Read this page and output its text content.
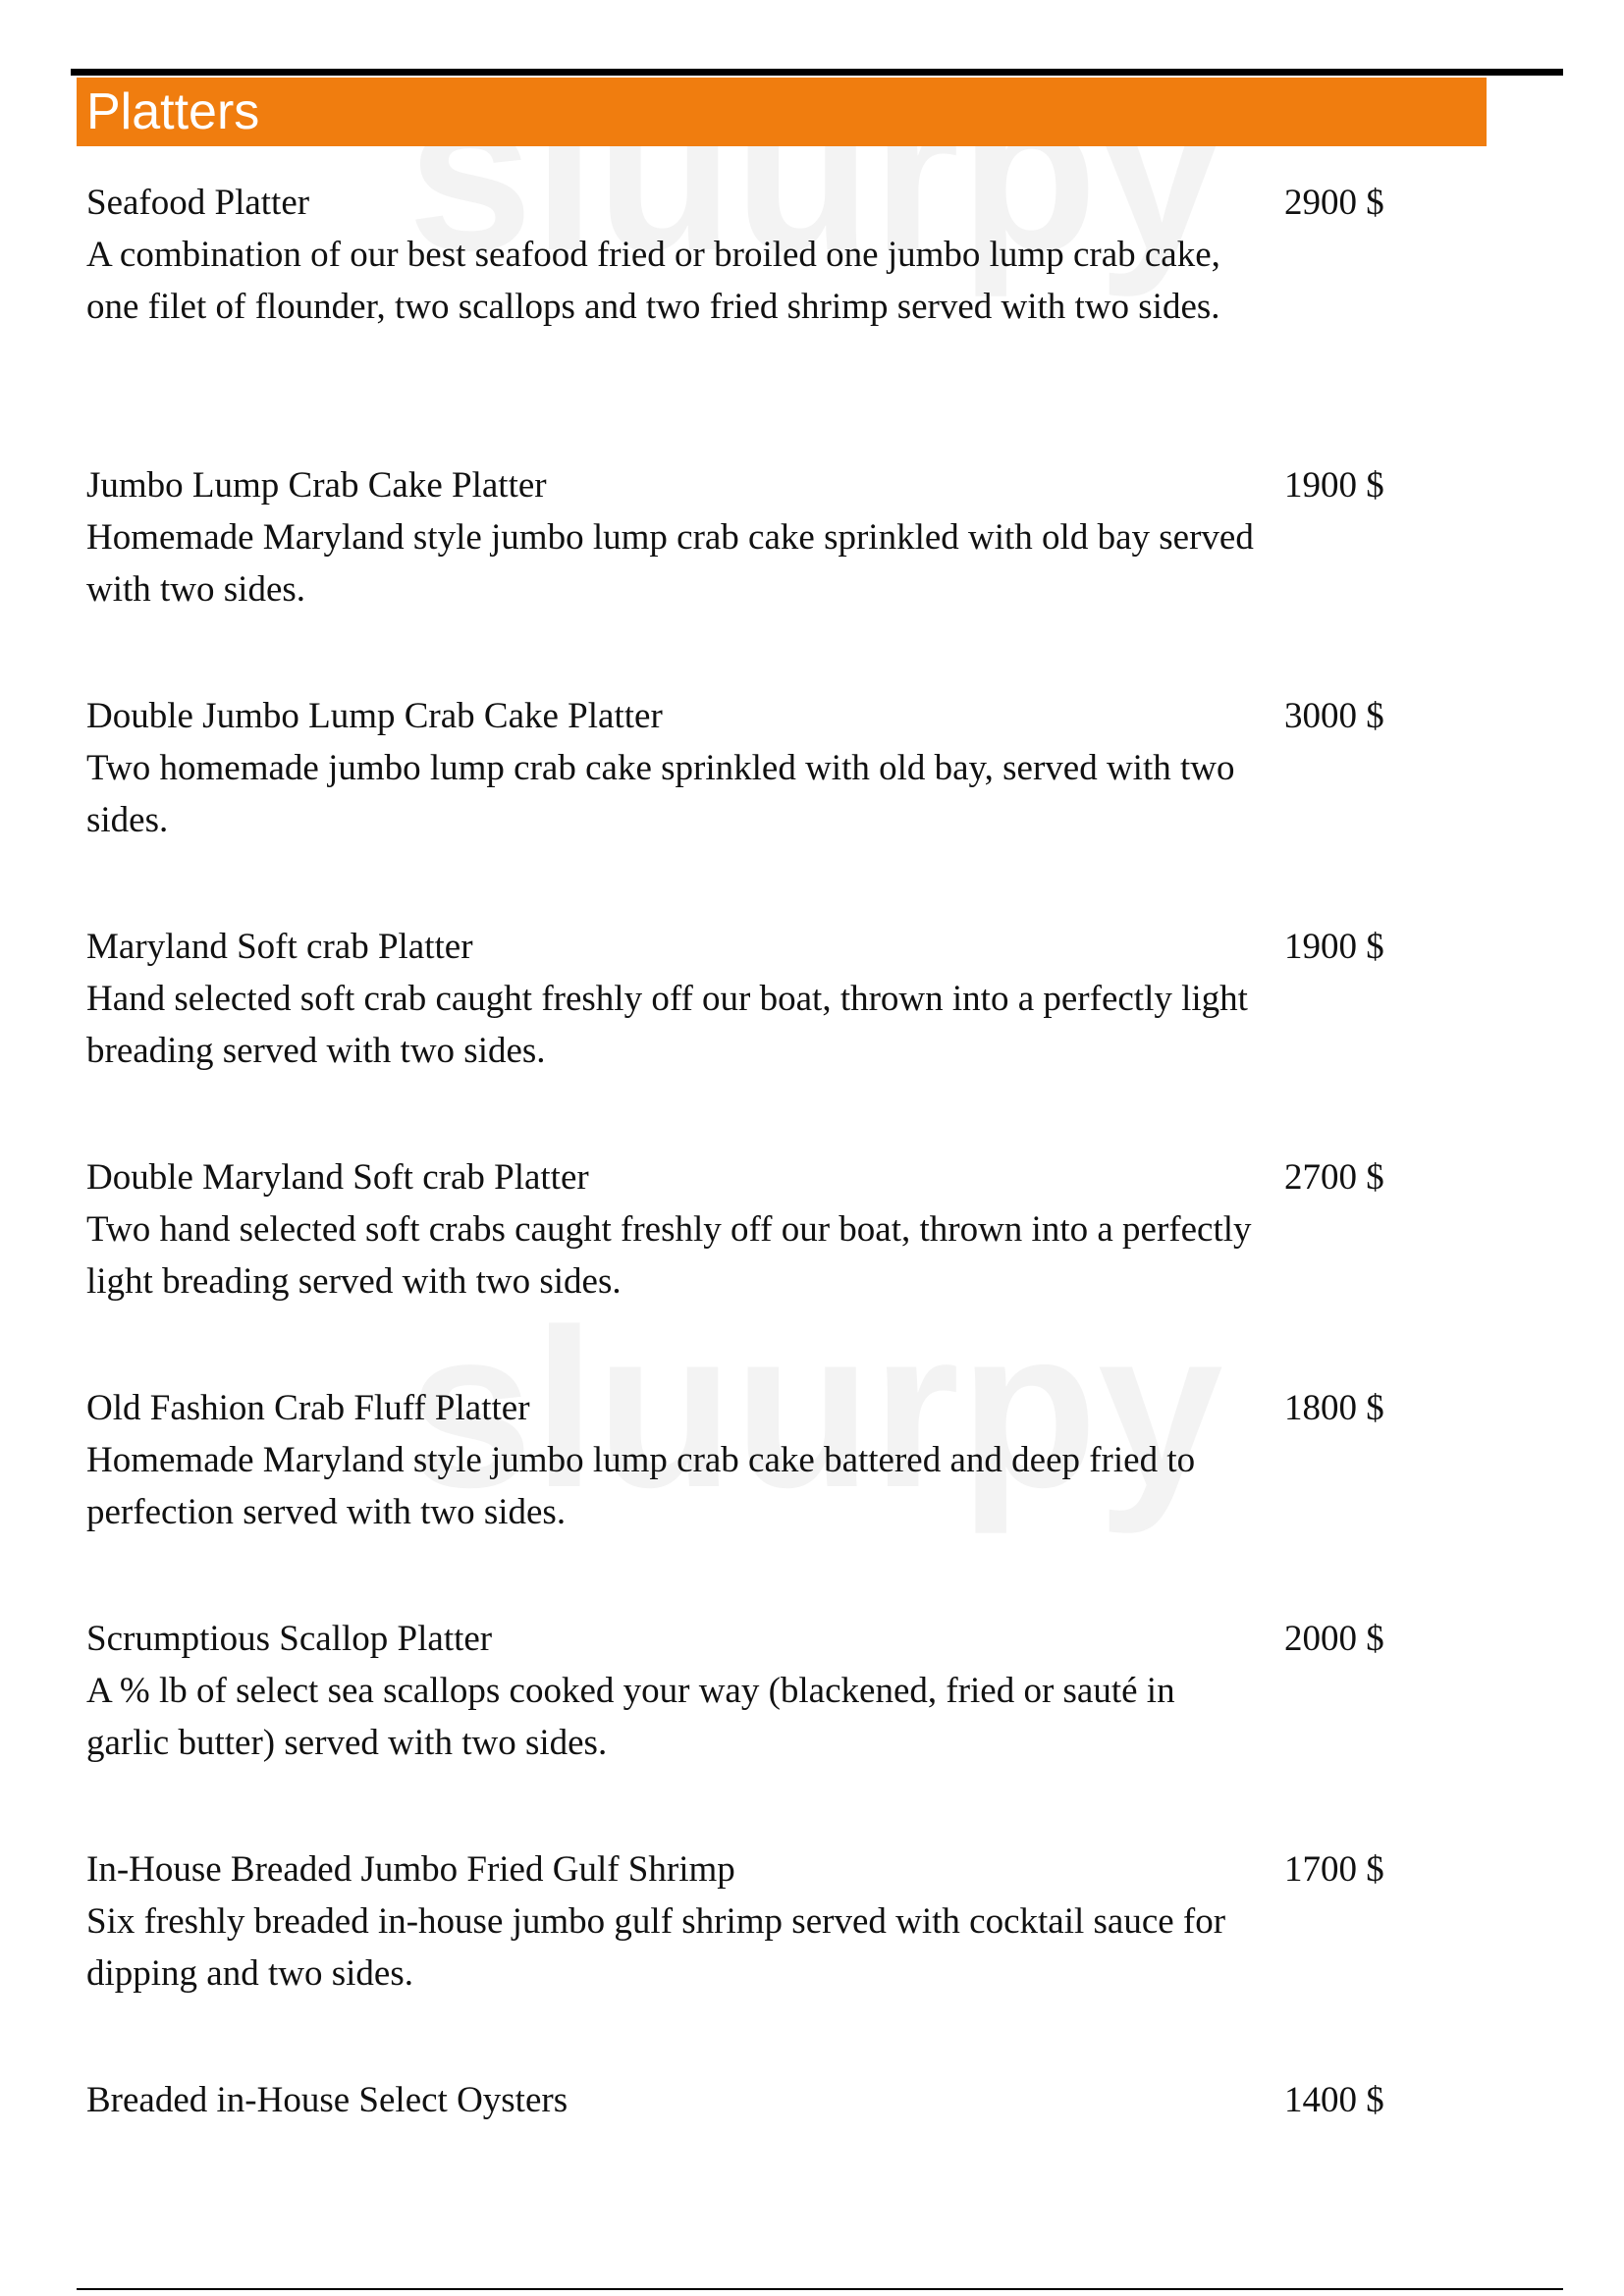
Platters
Seafood Platter
A combination of our best seafood fried or broiled one jumbo lump crab cake, one filet of flounder, two scallops and two fried shrimp served with two sides.
2900 $
Jumbo Lump Crab Cake Platter
Homemade Maryland style jumbo lump crab cake sprinkled with old bay served with two sides.
1900 $
Double Jumbo Lump Crab Cake Platter
Two homemade jumbo lump crab cake sprinkled with old bay, served with two sides.
3000 $
Maryland Soft crab Platter
Hand selected soft crab caught freshly off our boat, thrown into a perfectly light breading served with two sides.
1900 $
Double Maryland Soft crab Platter
Two hand selected soft crabs caught freshly off our boat, thrown into a perfectly light breading served with two sides.
2700 $
Old Fashion Crab Fluff Platter
Homemade Maryland style jumbo lump crab cake battered and deep fried to perfection served with two sides.
1800 $
Scrumptious Scallop Platter
A % lb of select sea scallops cooked your way (blackened, fried or sauté in garlic butter) served with two sides.
2000 $
In-House Breaded Jumbo Fried Gulf Shrimp
Six freshly breaded in-house jumbo gulf shrimp served with cocktail sauce for dipping and two sides.
1700 $
Breaded in-House Select Oysters	1400 $
